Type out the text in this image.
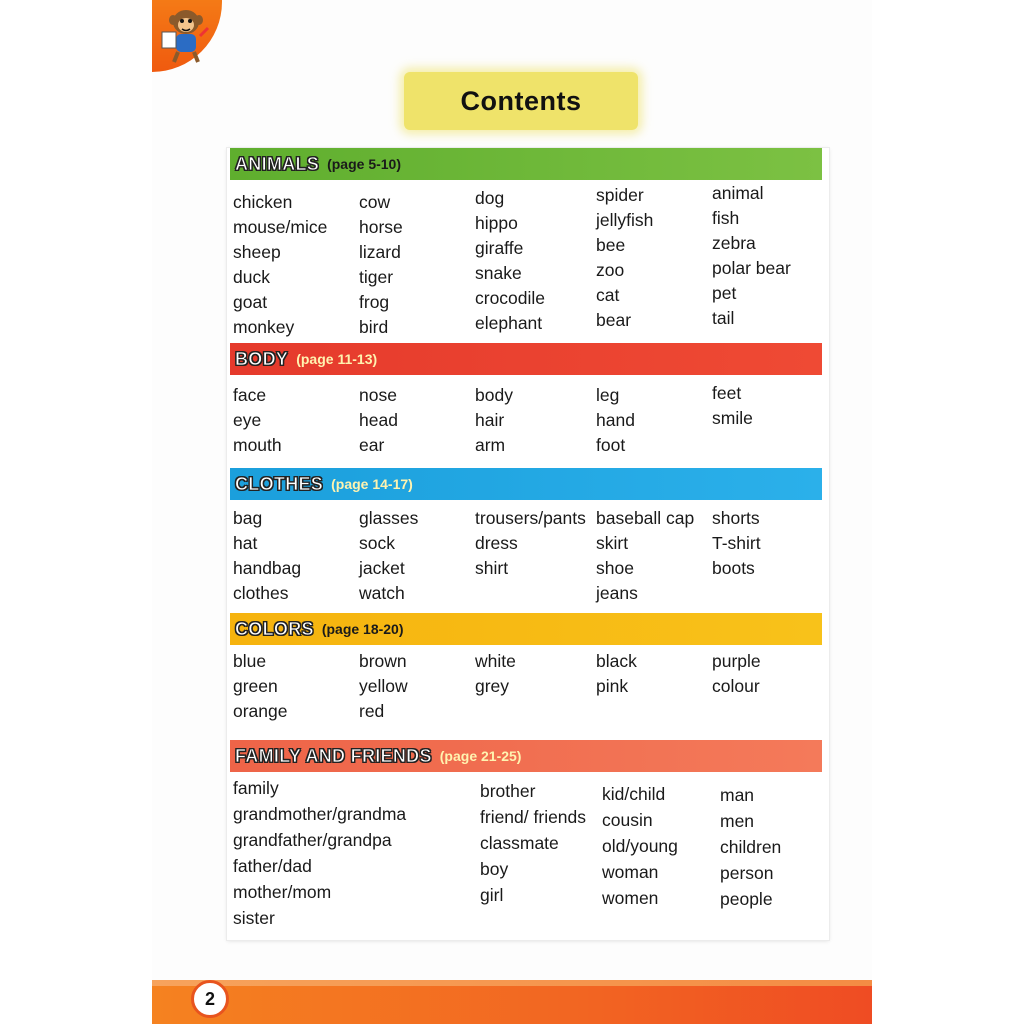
Contents
ANIMALS (page 5-10)
chicken
mouse/mice
sheep
duck
goat
monkey
cow
horse
lizard
tiger
frog
bird
dog
hippo
giraffe
snake
crocodile
elephant
spider
jellyfish
bee
zoo
cat
bear
animal
fish
zebra
polar bear
pet
tail
BODY (page 11-13)
face
eye
mouth
nose
head
ear
body
hair
arm
leg
hand
foot
feet
smile
CLOTHES (page 14-17)
bag
hat
handbag
clothes
glasses
sock
jacket
watch
trousers/pants
dress
shirt
baseball cap
skirt
shoe
jeans
shorts
T-shirt
boots
COLORS (page 18-20)
blue
green
orange
brown
yellow
red
white
grey
black
pink
purple
colour
FAMILY AND FRIENDS (page 21-25)
family
grandmother/grandma
grandfather/grandpa
father/dad
mother/mom
sister
brother
friend/ friends
classmate
boy
girl
kid/child
cousin
old/young
woman
women
man
men
children
person
people
2
